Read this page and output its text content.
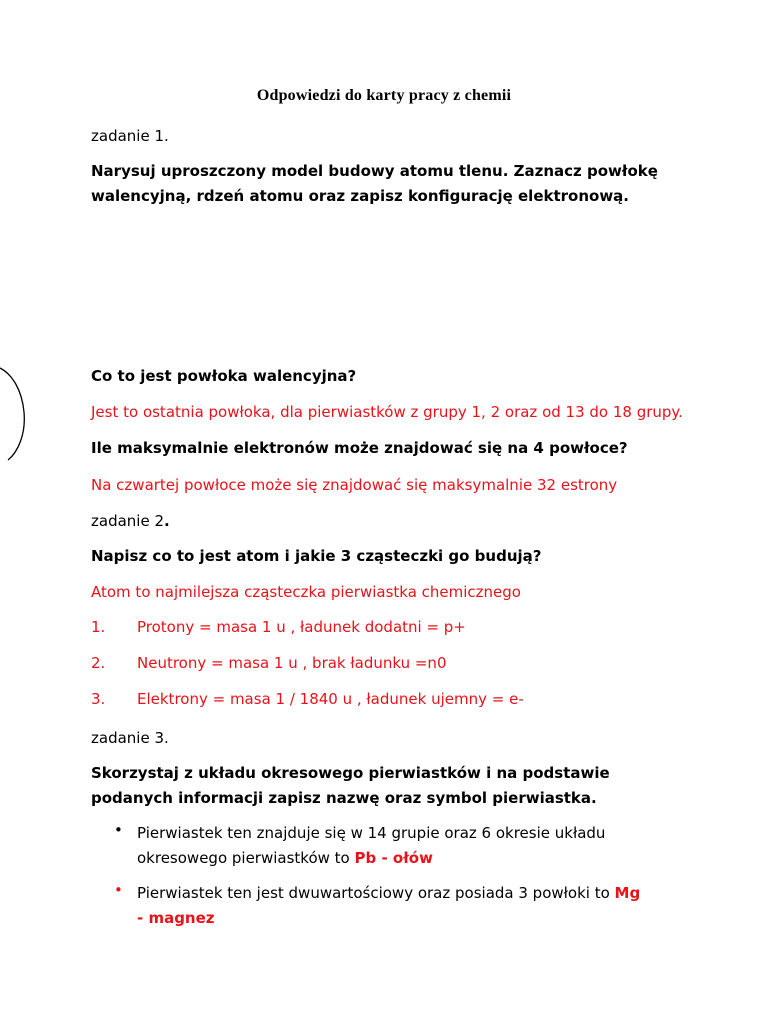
Odpowiedzi do karty pracy z chemii
zadanie 1.
Narysuj uproszczony model budowy atomu tlenu. Zaznacz powłokę walencyjną, rdzeń atomu oraz zapisz konfigurację elektronową.
Co to jest powłoka walencyjna?
Jest to ostatnia powłoka, dla pierwiastków z grupy 1, 2 oraz od 13 do 18 grupy.
Ile maksymalnie elektronów może znajdować się na 4 powłoce?
Na czwartej powłoce może się znajdować się maksymalnie 32 estrony
zadanie 2.
Napisz co to jest atom i jakie 3 cząsteczki go budują?
Atom to najmilejsza cząsteczka pierwiastka chemicznego
1. Protony = masa 1 u , ładunek dodatni = p+
2. Neutrony = masa 1 u , brak ładunku =n0
3. Elektrony = masa 1 / 1840 u , ładunek ujemny = e-
zadanie 3.
Skorzystaj z układu okresowego pierwiastków i na podstawie podanych informacji zapisz nazwę oraz symbol pierwiastka.
• Pierwiastek ten znajduje się w 14 grupie oraz 6 okresie układu okresowego pierwiastków to Pb - ołów
• Pierwiastek ten jest dwuwartościowy oraz posiada 3 powłoki to Mg - magnez
